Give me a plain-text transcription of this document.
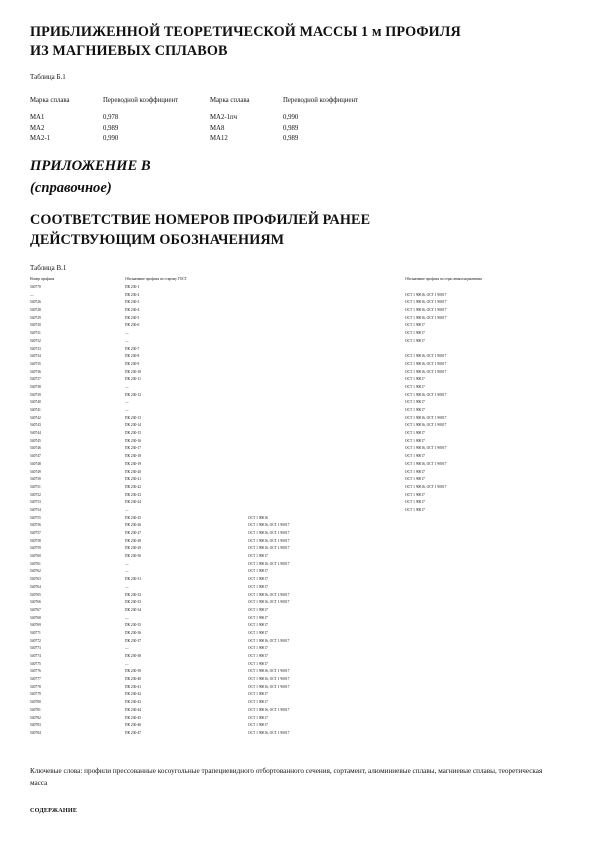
ПРИБЛИЖЕННОЙ ТЕОРЕТИЧЕСКОЙ МАССЫ 1 м ПРОФИЛЯ
ИЗ МАГНИЕВЫХ СПЛАВОВ
Таблица Б.1
Марка сплава	Переводной коэффициент	Марка сплава	Переводной коэффициент

МА1	0,978	МА2-1пч	0,990
МА2	0,989	МА8	0,989
МА2-1	0,990	МА12	0,989
ПРИЛОЖЕНИЕ В
(справочное)
СООТВЕТСТВИЕ НОМЕРОВ ПРОФИЛЕЙ РАНЕЕ
ДЕЙСТВУЮЩИМ ОБОЗНАЧЕНИЯМ
Таблица В.1
Номер профиля	Обозначение профиля по старому ГОСТ	Обозначение профиля по отраслевым нормативам
540770	ПК 230-1
—	ПК 230-2	ОСТ 1 90016, ОСТ 1 90017
540726	ПК 230-3	ОСТ 1 90016, ОСТ 1 90017
540728	ПК 230-4	ОСТ 1 90016, ОСТ 1 90017
540729	ПК 230-5	ОСТ 1 90016, ОСТ 1 90017
540730	ПК 230-6	ОСТ 1 90017
540731	—	ОСТ 1 90017
540732	—	ОСТ 1 90017
540733	ПК 230-7
540734	ПК 230-8	ОСТ 1 90016, ОСТ 1 90017
540735	ПК 230-9	ОСТ 1 90016, ОСТ 1 90017
540736	ПК 230-10	ОСТ 1 90016, ОСТ 1 90017
540737	ПК 230-11	ОСТ 1 90017
540738	—	ОСТ 1 90017
540739	ПК 230-12	ОСТ 1 90016, ОСТ 1 90017
540740	—	ОСТ 1 90017
540741	—	ОСТ 1 90017
540742	ПК 230-13	ОСТ 1 90016, ОСТ 1 90017
540743	ПК 230-14	ОСТ 1 90016, ОСТ 1 90017
540744	ПК 230-15	ОСТ 1 90017
540745	ПК 230-16	ОСТ 1 90017
540746	ПК 230-17	ОСТ 1 90016, ОСТ 1 90017
540747	ПК 230-18	ОСТ 1 90017
540748	ПК 230-19	ОСТ 1 90016, ОСТ 1 90017
540749	ПК 230-20	ОСТ 1 90017
540750	ПК 230-21	ОСТ 1 90017
540751	ПК 230-22	ОСТ 1 90016, ОСТ 1 90017
540752	ПК 230-23	ОСТ 1 90017
540753	ПК 230-24	ОСТ 1 90017
540754	—	ОСТ 1 90017
540755	ПК 230-25	ОСТ 1 90016
540756	ПК 230-26	ОСТ 1 90016, ОСТ 1 90017
540757	ПК 230-27	ОСТ 1 90016, ОСТ 1 90017
540758	ПК 230-28	ОСТ 1 90016, ОСТ 1 90017
540759	ПК 230-29	ОСТ 1 90016, ОСТ 1 90017
540760	ПК 230-30	ОСТ 1 90017
540761	—	ОСТ 1 90016, ОСТ 1 90017
540762	—	ОСТ 1 90017
540763	ПК 230-31	ОСТ 1 90017
540764	—	ОСТ 1 90017
540765	ПК 230-32	ОСТ 1 90016, ОСТ 1 90017
540766	ПК 230-33	ОСТ 1 90016, ОСТ 1 90017
540767	ПК 230-34	ОСТ 1 90017
540768	—	ОСТ 1 90017
540769	ПК 230-35	ОСТ 1 90017
540771	ПК 230-36	ОСТ 1 90017
540772	ПК 230-37	ОСТ 1 90016, ОСТ 1 90017
540773	—	ОСТ 1 90017
540774	ПК 230-38	ОСТ 1 90017
540775	—	ОСТ 1 90017
540776	ПК 230-39	ОСТ 1 90016, ОСТ 1 90017
540777	ПК 230-40	ОСТ 1 90016, ОСТ 1 90017
540778	ПК 230-41	ОСТ 1 90016, ОСТ 1 90017
540779	ПК 230-42	ОСТ 1 90017
540780	ПК 230-43	ОСТ 1 90017
540781	ПК 230-44	ОСТ 1 90016, ОСТ 1 90017
540782	ПК 230-45	ОСТ 1 90017
540783	ПК 230-46	ОСТ 1 90017
540784	ПК 230-47	ОСТ 1 90016, ОСТ 1 90017
Ключевые слова: профили прессованные косоугольные трапециевидного отбортованного сечения, сортамент, алюминиевые сплавы, магниевые сплавы, теоретическая масса
СОДЕРЖАНИЕ
